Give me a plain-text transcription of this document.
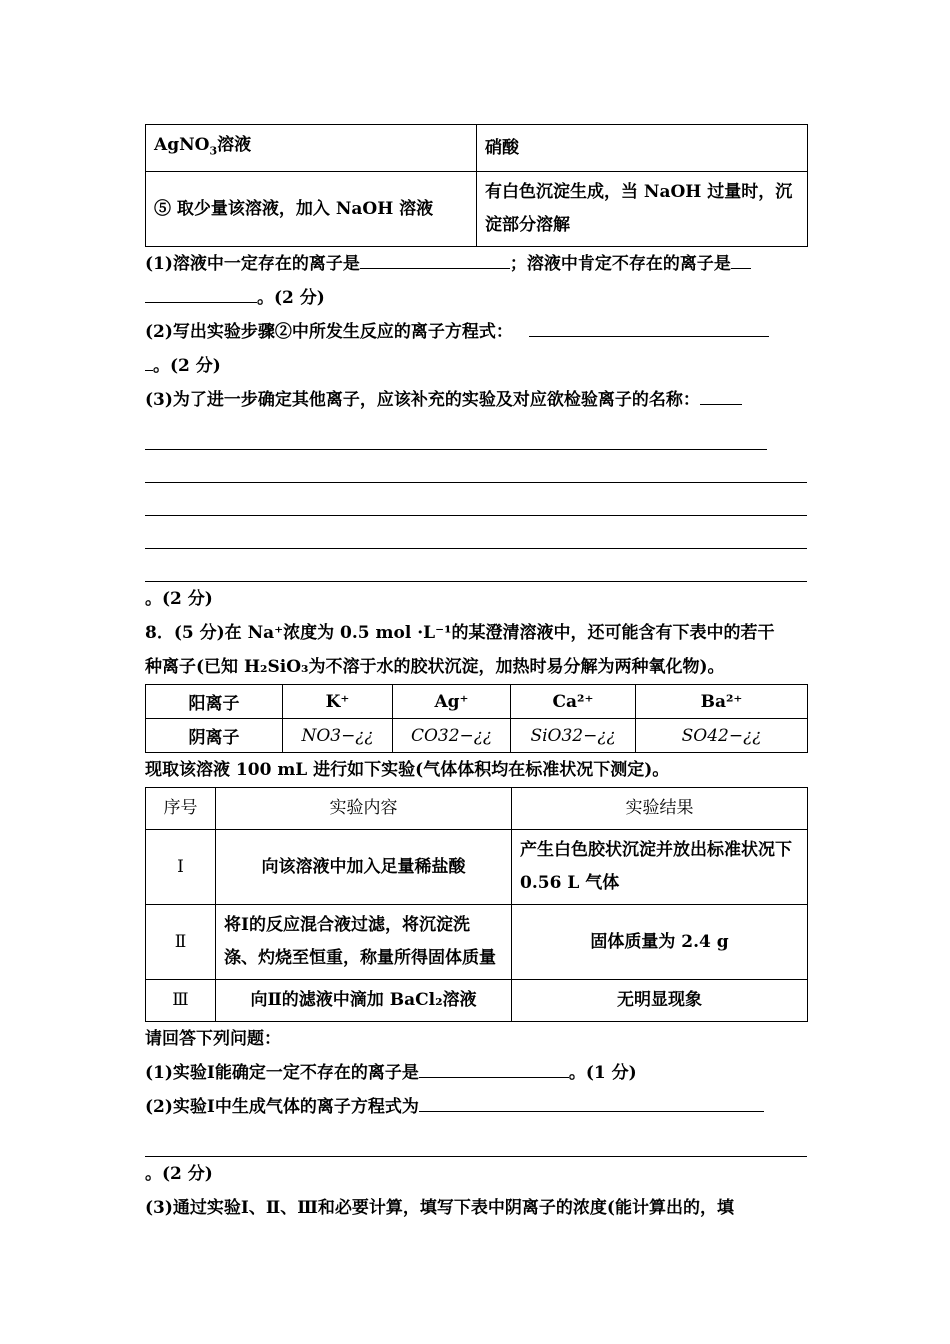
AgNO$_3$溶液	硝酸
⑤ 取少量该溶液，加入 NaOH 溶液	有白色沉淀生成，当 NaOH 过量时，沉淀部分溶解

(1)溶液中一定存在的离子是	；溶液中肯定不存在的离子是

。(2 分)

(2)写出实验步骤②中所发生反应的离子方程式：

。(2 分)

(3)为了进一步确定其他离子，应该补充的实验及对应欲检验离子的名称：

。(2 分)

8．(5 分)在 Na⁺浓度为 0.5 mol ·L⁻¹的某澄清溶液中，还可能含有下表中的若干

种离子(已知 H₂SiO₃为不溶于水的胶状沉淀，加热时易分解为两种氧化物)。

阳离子	K⁺	Ag⁺	Ca²⁺	Ba²⁺
阴离子	NO3−¿¿	CO32−¿¿	SiO32−¿¿	SO42−¿¿

现取该溶液 100 mL 进行如下实验(气体体积均在标准状况下测定)。

序号	实验内容	实验结果
Ⅰ	向该溶液中加入足量稀盐酸	产生白色胶状沉淀并放出标准状况下 0.56 L 气体
Ⅱ	将Ⅰ的反应混合液过滤，将沉淀洗涤、灼烧至恒重，称量所得固体质量	固体质量为 2.4 g
Ⅲ	向Ⅱ的滤液中滴加 BaCl₂溶液	无明显现象

请回答下列问题：

(1)实验Ⅰ能确定一定不存在的离子是	。(1 分)

(2)实验Ⅰ中生成气体的离子方程式为

。(2 分)

(3)通过实验Ⅰ、Ⅱ、Ⅲ和必要计算，填写下表中阴离子的浓度(能计算出的，填
